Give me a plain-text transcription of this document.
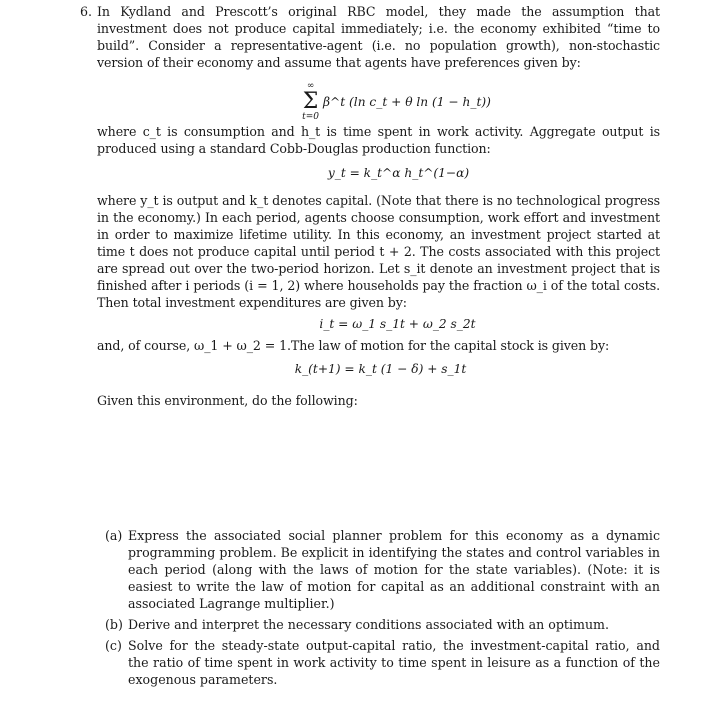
6. In Kydland and Prescott’s original RBC model, they made the assumption that investment does not produce capital immediately; i.e. the economy exhibited “time to build”. Consider a representative-agent (i.e. no population growth), non-stochastic version of their economy and assume that agents have preferences given by:
∞
Σ
t=0
β^t (ln c_t + θ ln (1 − h_t))
where c_t is consumption and h_t is time spent in work activity. Aggregate output is produced using a standard Cobb-Douglas production function:
y_t = k_t^α h_t^(1−α)
where y_t is output and k_t denotes capital. (Note that there is no technological progress in the economy.) In each period, agents choose consumption, work effort and investment in order to maximize lifetime utility. In this economy, an investment project started at time t does not produce capital until period t + 2. The costs associated with this project are spread out over the two-period horizon. Let s_it denote an investment project that is finished after i periods (i = 1, 2) where households pay the fraction ω_i of the total costs. Then total investment expenditures are given by:
i_t = ω_1 s_1t + ω_2 s_2t
and, of course, ω_1 + ω_2 = 1.The law of motion for the capital stock is given by:
k_(t+1) = k_t (1 − δ) + s_1t
Given this environment, do the following:
(a) Express the associated social planner problem for this economy as a dynamic programming problem. Be explicit in identifying the states and control variables in each period (along with the laws of motion for the state variables). (Note: it is easiest to write the law of motion for capital as an additional constraint with an associated Lagrange multiplier.)
(b) Derive and interpret the necessary conditions associated with an optimum.
(c) Solve for the steady-state output-capital ratio, the investment-capital ratio, and the ratio of time spent in work activity to time spent in leisure as a function of the exogenous parameters.
